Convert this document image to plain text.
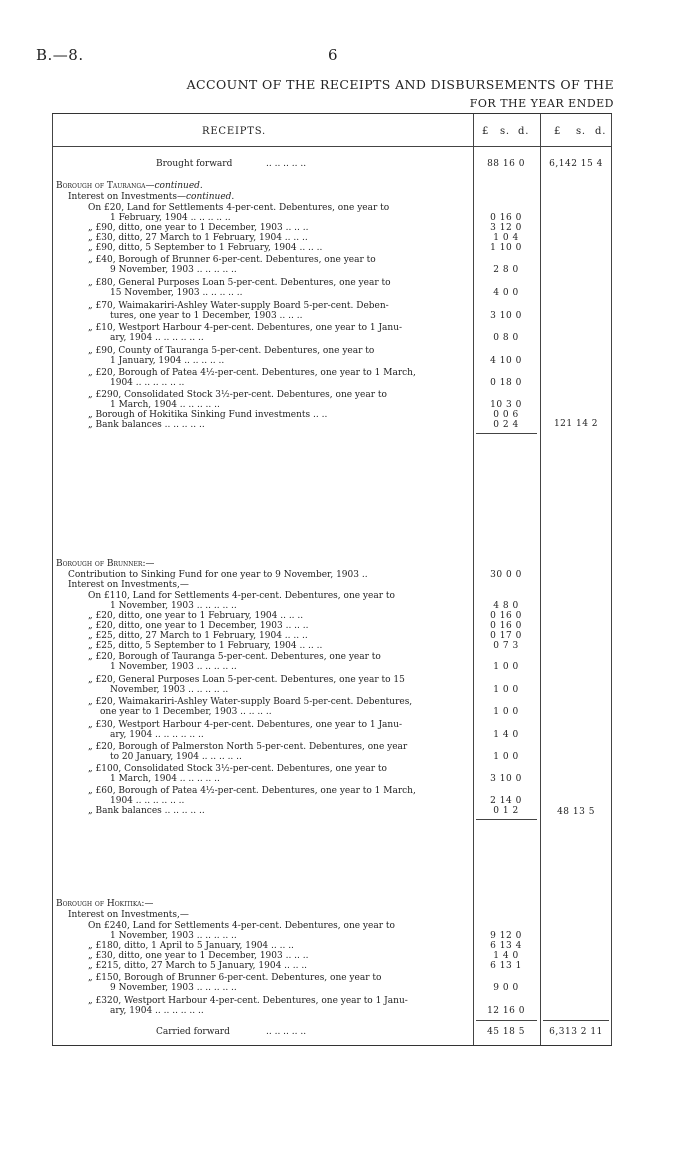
B.—8.	6
ACCOUNT OF THE RECEIPTS AND DISBURSEMENTS OF THE
FOR THE YEAR ENDED
RECEIPTS.	£ s. d. £ s. d.
Brought forward	.. .. .. .. ..	88 16 0	6,142 15 4
Borough of Tauranga—continued.
Interest on Investments—continued.
On £20, Land for Settlements 4-per-cent. Debentures, one year to
1 February, 1904 .. .. .. .. ..	0 16 0
„ £90, ditto, one year to 1 December, 1903 .. .. ..	3 12 0
„ £30, ditto, 27 March to 1 February, 1904 .. .. ..	1 0 4
„ £90, ditto, 5 September to 1 February, 1904 .. .. ..	1 10 0
„ £40, Borough of Brunner 6-per-cent. Debentures, one year to
9 November, 1903 .. .. .. .. ..	2 8 0
„ £80, General Purposes Loan 5-per-cent. Debentures, one year to
15 November, 1903 .. .. .. .. ..	4 0 0
„ £70, Waimakariri-Ashley Water-supply Board 5-per-cent. Deben-
tures, one year to 1 December, 1903 .. .. ..	3 10 0
„ £10, Westport Harbour 4-per-cent. Debentures, one year to 1 Janu-
ary, 1904 .. .. .. .. .. ..	0 8 0
„ £90, County of Tauranga 5-per-cent. Debentures, one year to
1 January, 1904 .. .. .. .. ..	4 10 0
„ £20, Borough of Patea 4½-per-cent. Debentures, one year to 1 March,
1904 .. .. .. .. .. ..	0 18 0
„ £290, Consolidated Stock 3½-per-cent. Debentures, one year to
1 March, 1904 .. .. .. .. ..	10 3 0
„ Borough of Hokitika Sinking Fund investments .. ..	0 0 6
„ Bank balances .. .. .. .. ..	0 2 4	121 14 2
Borough of Brunner:—
Contribution to Sinking Fund for one year to 9 November, 1903 ..	30 0 0
Interest on Investments,—
On £110, Land for Settlements 4-per-cent. Debentures, one year to
1 November, 1903 .. .. .. .. ..	4 8 0
„ £20, ditto, one year to 1 February, 1904 .. .. ..	0 16 0
„ £20, ditto, one year to 1 December, 1903 .. .. ..	0 16 0
„ £25, ditto, 27 March to 1 February, 1904 .. .. ..	0 17 0
„ £25, ditto, 5 September to 1 February, 1904 .. .. ..	0 7 3
„ £20, Borough of Tauranga 5-per-cent. Debentures, one year to
1 November, 1903 .. .. .. .. ..	1 0 0
„ £20, General Purposes Loan 5-per-cent. Debentures, one year to 15
November, 1903 .. .. .. .. ..	1 0 0
„ £20, Waimakariri-Ashley Water-supply Board 5-per-cent. Debentures,
one year to 1 December, 1903 .. .. .. ..	1 0 0
„ £30, Westport Harbour 4-per-cent. Debentures, one year to 1 Janu-
ary, 1904 .. .. .. .. .. ..	1 4 0
„ £20, Borough of Palmerston North 5-per-cent. Debentures, one year
to 20 January, 1904 .. .. .. .. ..	1 0 0
„ £100, Consolidated Stock 3½-per-cent. Debentures, one year to
1 March, 1904 .. .. .. .. ..	3 10 0
„ £60, Borough of Patea 4½-per-cent. Debentures, one year to 1 March,
1904 .. .. .. .. .. ..	2 14 0
„ Bank balances .. .. .. .. ..	0 1 2	48 13 5
Borough of Hokitika:—
Interest on Investments,—
On £240, Land for Settlements 4-per-cent. Debentures, one year to
1 November, 1903 .. .. .. .. ..	9 12 0
„ £180, ditto, 1 April to 5 January, 1904 .. .. ..	6 13 4
„ £30, ditto, one year to 1 December, 1903 .. .. ..	1 4 0
„ £215, ditto, 27 March to 5 January, 1904 .. .. ..	6 13 1
„ £150, Borough of Brunner 6-per-cent. Debentures, one year to
9 November, 1903 .. .. .. .. ..	9 0 0
„ £320, Westport Harbour 4-per-cent. Debentures, one year to 1 Janu-
ary, 1904 .. .. .. .. .. ..	12 16 0
Carried forward	.. .. .. .. ..	45 18 5	6,313 2 11
